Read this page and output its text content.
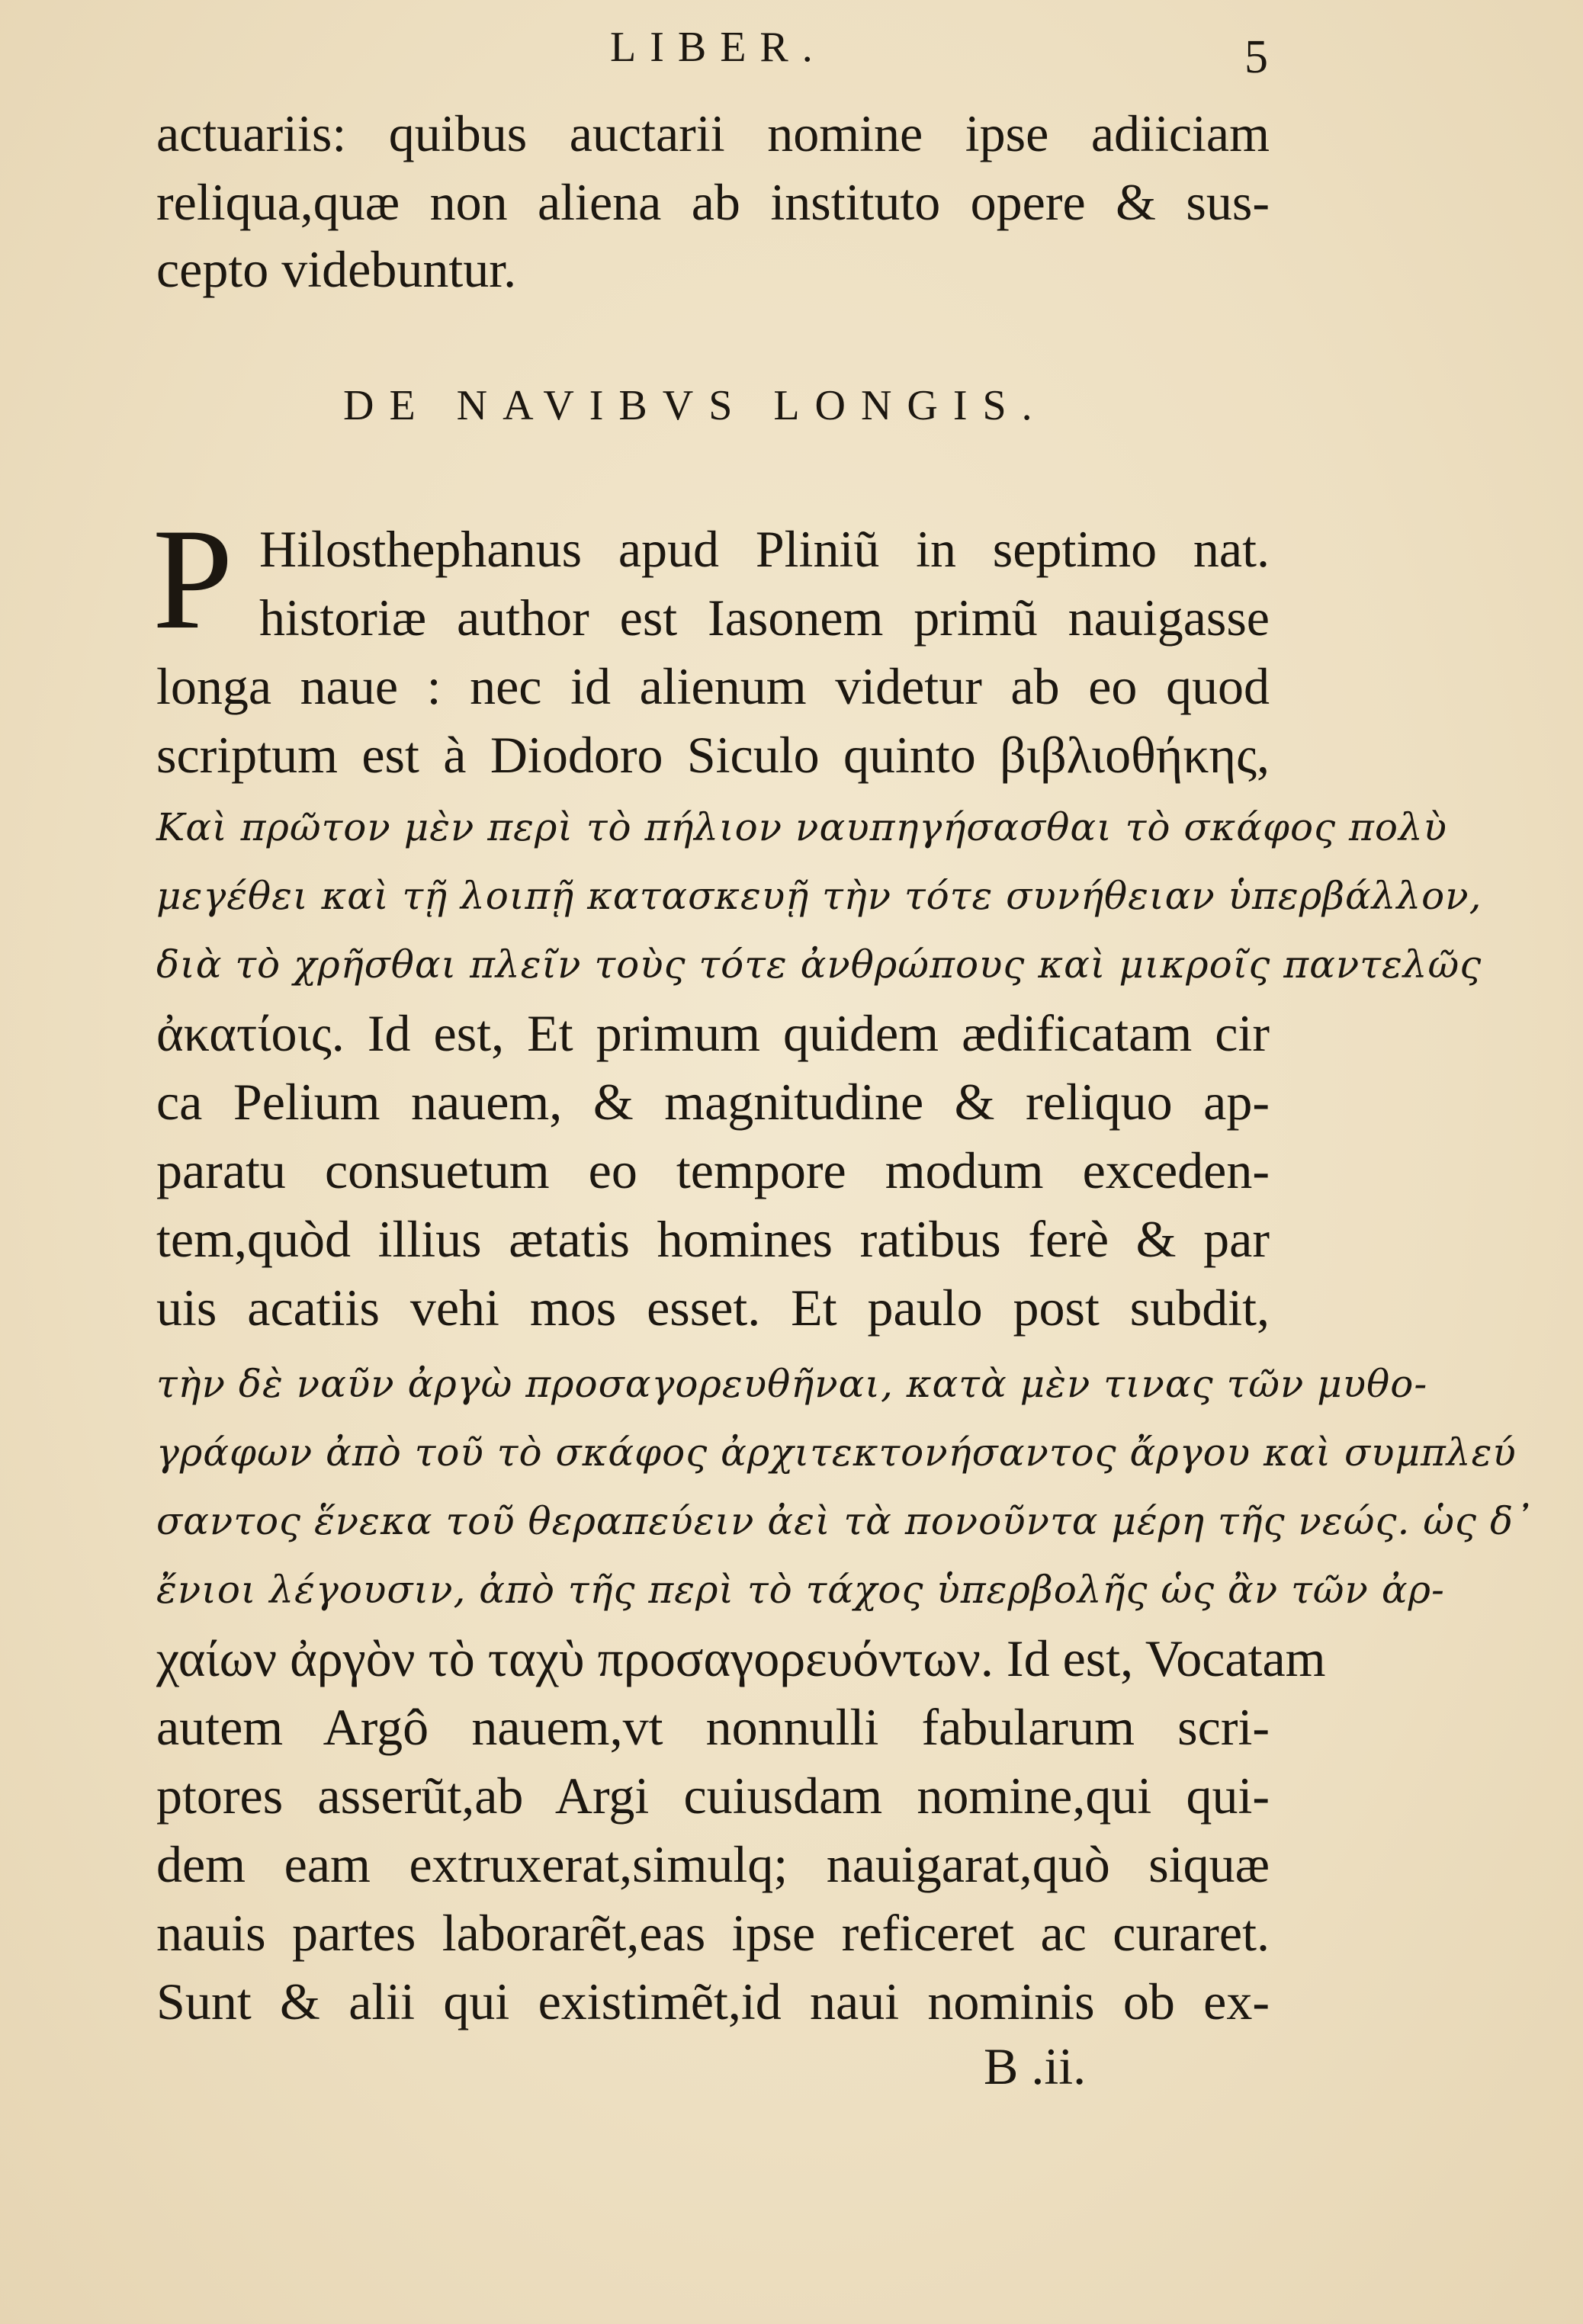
LIBER.	5
actuariis: quibus auctarii nomine ipse adiiciam
reliqua,quæ non aliena ab instituto opere & sus-
cepto videbuntur.
DE NAVIBVS LONGIS.
P Hilosthephanus apud Pliniũ in septimo nat.
historiæ author est Iasonem primũ nauigasse
longa naue : nec id alienum videtur ab eo quod
scriptum est à Diodoro Siculo quinto βιβλιοθήκης,
Καὶ πρῶτον μὲν περὶ τὸ πήλιον ναυπηγήσασθαι τὸ σκάφος πολὺ
μεγέθει καὶ τῇ λοιπῇ κατασκευῇ τὴν τότε συνήθειαν ὑπερβάλλον,
διὰ τὸ χρῆσθαι πλεῖν τοὺς τότε ἀνθρώπους καὶ μικροῖς παντελῶς
ἀκατίοις. Id est, Et primum quidem ædificatam cir
ca Pelium nauem, & magnitudine & reliquo ap-
paratu consuetum eo tempore modum exceden-
tem,quòd illius ætatis homines ratibus ferè & par
uis acatiis vehi mos esset. Et paulo post subdit,
τὴν δὲ ναῦν ἀργὼ προσαγορευθῆναι, κατὰ μὲν τινας τῶν μυθο-
γράφων ἀπὸ τοῦ τὸ σκάφος ἀρχιτεκτονήσαντος ἄργου καὶ συμπλεύ
σαντος ἕνεκα τοῦ θεραπεύειν ἀεὶ τὰ πονοῦντα μέρη τῆς νεώς. ὡς δ᾿
ἔνιοι λέγουσιν, ἀπὸ τῆς περὶ τὸ τάχος ὑπερβολῆς ὡς ἂν τῶν ἀρ-
χαίων ἀργὸν τὸ ταχὺ προσαγορευόντων. Id est, Vocatam
autem Argô nauem,vt nonnulli fabularum scri-
ptores asserũt,ab Argi cuiusdam nomine,qui qui-
dem eam extruxerat,simulq; nauigarat,quò siquæ
nauis partes laborarẽt,eas ipse reficeret ac curaret.
Sunt & alii qui existimẽt,id naui nominis ob ex-
B .ii.
